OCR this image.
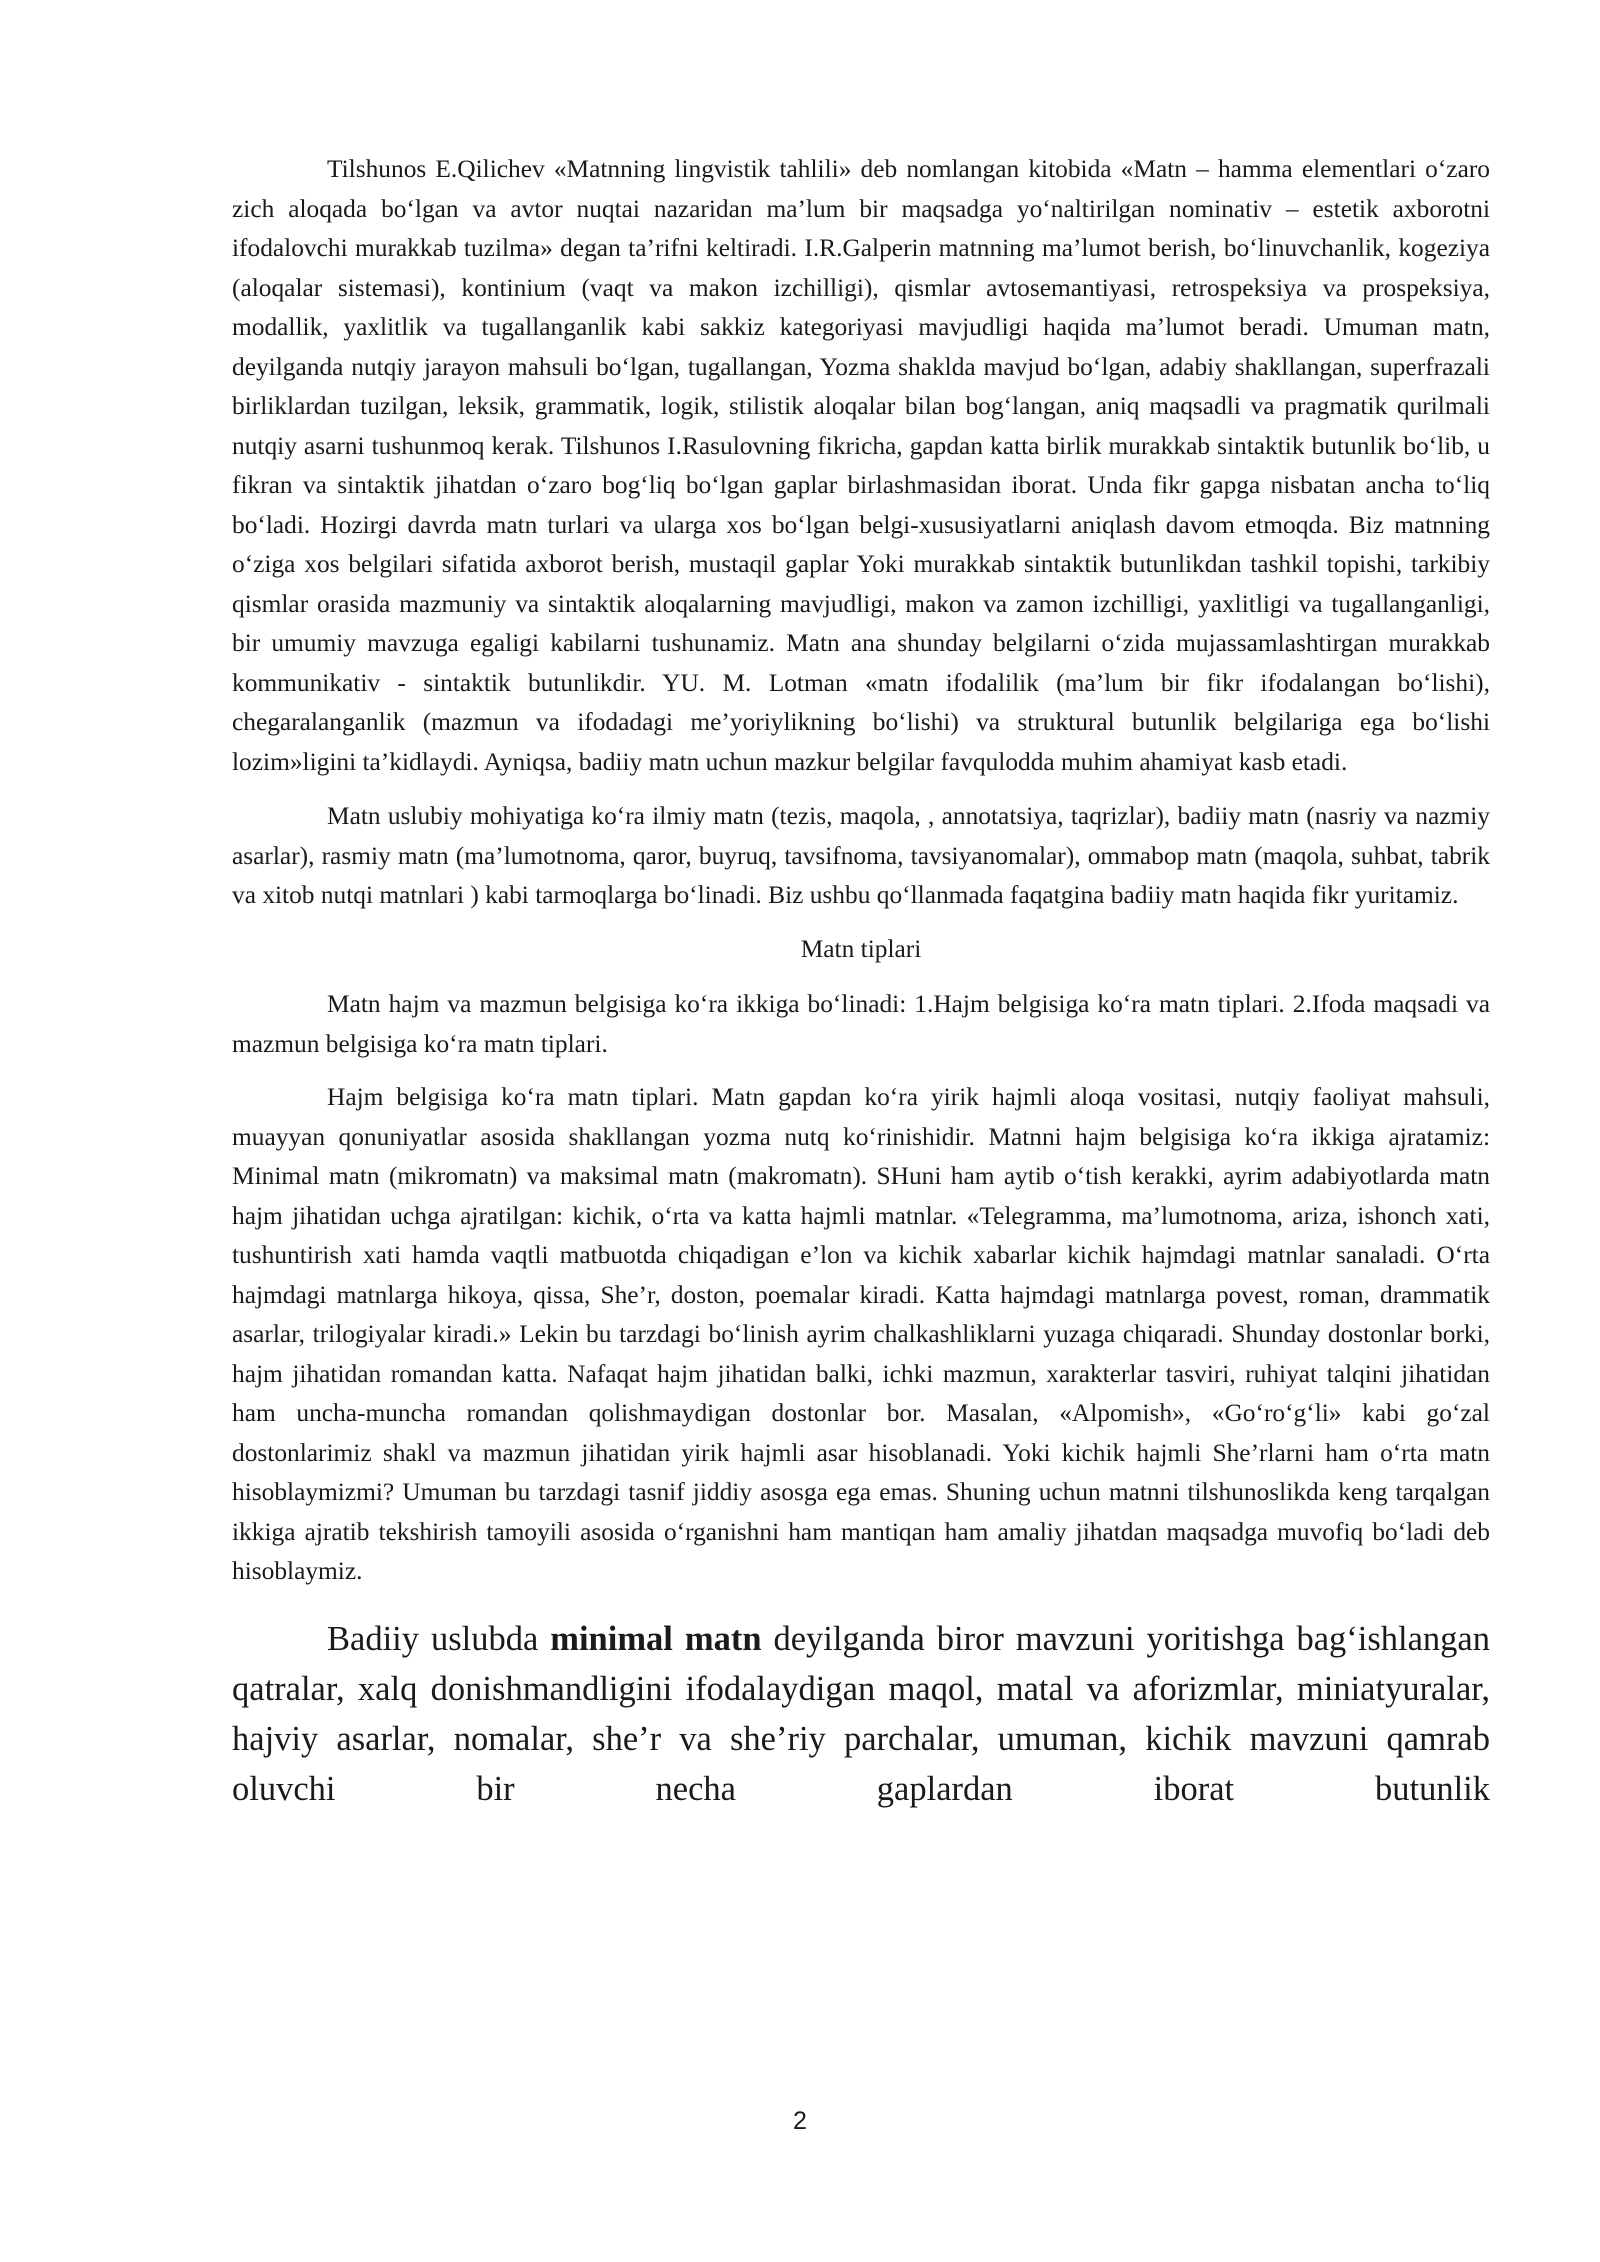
Tilshunos E.Qilichev «Matnning lingvistik tahlili» deb nomlangan kitobida «Matn – hamma elementlari o‘zaro zich aloqada bo‘lgan va avtor nuqtai nazaridan ma’lum bir maqsadga yo‘naltirilgan nominativ – estetik axborotni ifodalovchi murakkab tuzilma» degan ta’rifni keltiradi. I.R.Galperin matnning ma’lumot berish, bo‘linuvchanlik, kogeziya (aloqalar sistemasi), kontinium (vaqt va makon izchilligi), qismlar avtosemantiyasi, retrospeksiya va prospeksiya, modallik, yaxlitlik va tugallanganlik kabi sakkiz kategoriyasi mavjudligi haqida ma’lumot beradi. Umuman matn, deyilganda nutqiy jarayon mahsuli bo‘lgan, tugallangan, Yozma shaklda mavjud bo‘lgan, adabiy shakllangan, superfrazali birliklardan tuzilgan, leksik, grammatik, logik, stilistik aloqalar bilan bog‘langan, aniq maqsadli va pragmatik qurilmali nutqiy asarni tushunmoq kerak. Tilshunos I.Rasulovning fikricha, gapdan katta birlik murakkab sintaktik butunlik bo‘lib, u fikran va sintaktik jihatdan o‘zaro bog‘liq bo‘lgan gaplar birlashmasidan iborat. Unda fikr gapga nisbatan ancha to‘liq bo‘ladi. Hozirgi davrda matn turlari va ularga xos bo‘lgan belgi-xususiyatlarni aniqlash davom etmoqda. Biz matnning o‘ziga xos belgilari sifatida axborot berish, mustaqil gaplar Yoki murakkab sintaktik butunlikdan tashkil topishi, tarkibiy qismlar orasida mazmuniy va sintaktik aloqalarning mavjudligi, makon va zamon izchilligi, yaxlitligi va tugallanganligi, bir umumiy mavzuga egaligi kabilarni tushunamiz. Matn ana shunday belgilarni o‘zida mujassamlashtirgan murakkab kommunikativ - sintaktik butunlikdir. YU. M. Lotman «matn ifodalilik (ma’lum bir fikr ifodalangan bo‘lishi), chegaralanganlik (mazmun va ifodadagi me’yoriylikning bo‘lishi) va struktural butunlik belgilariga ega bo‘lishi lozim»ligini ta’kidlaydi. Ayniqsa, badiiy matn uchun mazkur belgilar favqulodda muhim ahamiyat kasb etadi.

Matn uslubiy mohiyatiga ko‘ra ilmiy matn (tezis, maqola, , annotatsiya, taqrizlar), badiiy matn (nasriy va nazmiy asarlar), rasmiy matn (ma’lumotnoma, qaror, buyruq, tavsifnoma, tavsiyanomalar), ommabop matn (maqola, suhbat, tabrik va xitob nutqi matnlari ) kabi tarmoqlarga bo‘linadi. Biz ushbu qo‘llanmada faqatgina badiiy matn haqida fikr yuritamiz.

Matn tiplari

Matn hajm va mazmun belgisiga ko‘ra ikkiga bo‘linadi: 1.Hajm belgisiga ko‘ra matn tiplari. 2.Ifoda maqsadi va mazmun belgisiga ko‘ra matn tiplari.

Hajm belgisiga ko‘ra matn tiplari. Matn gapdan ko‘ra yirik hajmli aloqa vositasi, nutqiy faoliyat mahsuli, muayyan qonuniyatlar asosida shakllangan yozma nutq ko‘rinishidir. Matnni hajm belgisiga ko‘ra ikkiga ajratamiz: Minimal matn (mikromatn) va maksimal matn (makromatn). SHuni ham aytib o‘tish kerakki, ayrim adabiyotlarda matn hajm jihatidan uchga ajratilgan: kichik, o‘rta va katta hajmli matnlar. «Telegramma, ma’lumotnoma, ariza, ishonch xati, tushuntirish xati hamda vaqtli matbuotda chiqadigan e’lon va kichik xabarlar kichik hajmdagi matnlar sanaladi. O‘rta hajmdagi matnlarga hikoya, qissa, She’r, doston, poemalar kiradi. Katta hajmdagi matnlarga povest, roman, drammatik asarlar, trilogiyalar kiradi.» Lekin bu tarzdagi bo‘linish ayrim chalkashliklarni yuzaga chiqaradi. Shunday dostonlar borki, hajm jihatidan romandan katta. Nafaqat hajm jihatidan balki, ichki mazmun, xarakterlar tasviri, ruhiyat talqini jihatidan ham uncha-muncha romandan qolishmaydigan dostonlar bor. Masalan, «Alpomish», «Go‘ro‘g‘li» kabi go‘zal dostonlarimiz shakl va mazmun jihatidan yirik hajmli asar hisoblanadi. Yoki kichik hajmli She’rlarni ham o‘rta matn hisoblaymizmi? Umuman bu tarzdagi tasnif jiddiy asosga ega emas. Shuning uchun matnni tilshunoslikda keng tarqalgan ikkiga ajratib tekshirish tamoyili asosida o‘rganishni ham mantiqan ham amaliy jihatdan maqsadga muvofiq bo‘ladi deb hisoblaymiz.

Badiiy uslubda minimal matn deyilganda biror mavzuni yoritishga bag‘ishlangan qatralar, xalq donishmandligini ifodalaydigan maqol, matal va aforizmlar, miniatyuralar, hajviy asarlar, nomalar, she’r va she’riy parchalar, umuman, kichik mavzuni qamrab oluvchi bir necha gaplardan iborat butunlik

2
